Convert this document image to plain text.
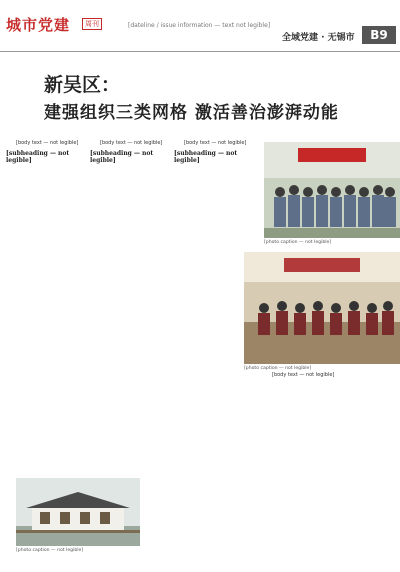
城市党建	周刊	[dateline / issue information — text not legible]
全域党建 · 无锡市	B9
新吴区：
建强组织三类网格 激活善治澎湃动能

[body text — not legible]

[subheading — not legible]

[body text — not legible]

[subheading — not legible]

[body text — not legible]

[subheading — not legible]

[body text — not legible]

[photo caption — not legible]
[photo caption — not legible]
[photo caption — not legible]
